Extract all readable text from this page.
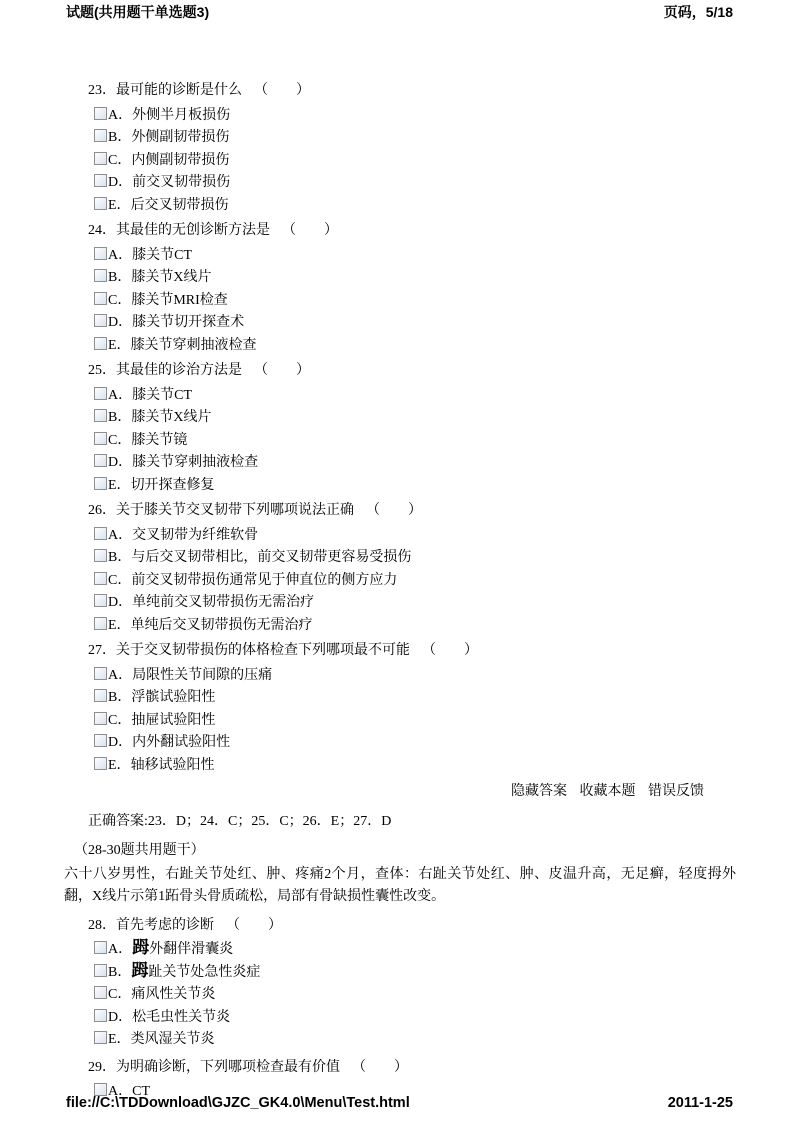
试题(共用题干单选题3)	页码，5/18
23．最可能的诊断是什么 （　　）
A．外侧半月板损伤
B．外侧副韧带损伤
C．内侧副韧带损伤
D．前交叉韧带损伤
E．后交叉韧带损伤
24．其最佳的无创诊断方法是 （　　）
A．膝关节CT
B．膝关节X线片
C．膝关节MRI检查
D．膝关节切开探查术
E．膝关节穿刺抽液检查
25．其最佳的诊治方法是 （　　）
A．膝关节CT
B．膝关节X线片
C．膝关节镜
D．膝关节穿刺抽液检查
E．切开探查修复
26．关于膝关节交叉韧带下列哪项说法正确 （　　）
A．交叉韧带为纤维软骨
B．与后交叉韧带相比，前交叉韧带更容易受损伤
C．前交叉韧带损伤通常见于伸直位的侧方应力
D．单纯前交叉韧带损伤无需治疗
E．单纯后交叉韧带损伤无需治疗
27．关于交叉韧带损伤的体格检查下列哪项最不可能 （　　）
A．局限性关节间隙的压痛
B．浮髌试验阳性
C．抽屉试验阳性
D．内外翻试验阳性
E．轴移试验阳性
隐藏答案 收藏本题 错误反馈
正确答案:23．D；24．C；25．C；26．E；27．D
（28-30题共用题干）
六十八岁男性，右趾关节处红、肿、疼痛2个月，查体：右趾关节处红、肿、皮温升高，无足癣，轻度拇外翻，X线片示第1跖骨头骨质疏松，局部有骨缺损性囊性改变。
28．首先考虑的诊断 （　　）
A．𧿹外翻伴滑囊炎
B．𧿹趾关节处急性炎症
C．痛风性关节炎
D．松毛虫性关节炎
E．类风湿关节炎
29．为明确诊断，下列哪项检查最有价值 （　　）
A．CT
file://C:\TDDownload\GJZC_GK4.0\Menu\Test.html	2011-1-25
